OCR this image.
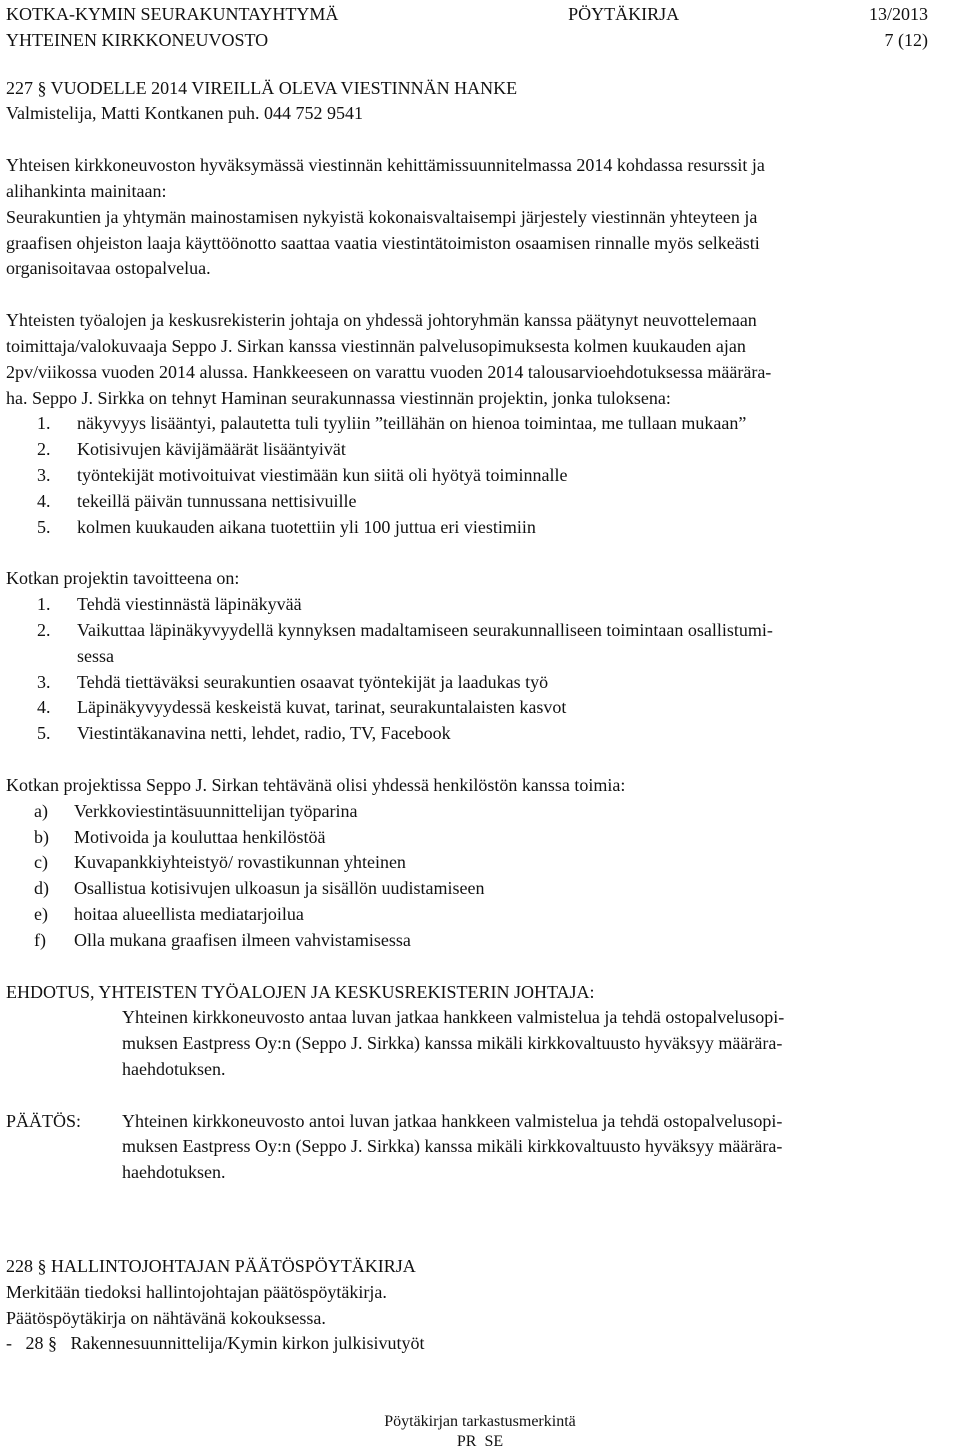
KOTKA-KYMIN SEURAKUNTAYHTYMÄ	PÖYTÄKIRJA	13/2013
YHTEINEN KIRKKONEUVOSTO	7 (12)
227 § VUODELLE 2014 VIREILLÄ OLEVA VIESTINNÄN HANKE
Valmistelija, Matti Kontkanen puh. 044 752 9541
Yhteisen kirkkoneuvoston hyväksymässä viestinnän kehittämissuunnitelmassa 2014 kohdassa resurssit ja
alihankinta mainitaan:
Seurakuntien ja yhtymän mainostamisen nykyistä kokonaisvaltaisempi järjestely viestinnän yhteyteen ja
graafisen ohjeiston laaja käyttöönotto saattaa vaatia viestintätoimiston osaamisen rinnalle myös selkeästi
organisoitavaa ostopalvelua.
Yhteisten työalojen ja keskusrekisterin johtaja on yhdessä johtoryhmän kanssa päätynyt neuvottelemaan
toimittaja/valokuvaaja Seppo J. Sirkan kanssa viestinnän palvelusopimuksesta kolmen kuukauden ajan
2pv/viikossa vuoden 2014 alussa. Hankkeeseen on varattu vuoden 2014 talousarvioehdotuksessa määrära-
ha. Seppo J. Sirkka on tehnyt Haminan seurakunnassa viestinnän projektin, jonka tuloksena:
1.	näkyvyys lisääntyi, palautetta tuli tyyliin ”teillähän on hienoa toimintaa, me tullaan mukaan”
2.	Kotisivujen kävijämäärät lisääntyivät
3.	työntekijät motivoituivat viestimään kun siitä oli hyötyä toiminnalle
4.	tekeillä päivän tunnussana nettisivuille
5.	kolmen kuukauden aikana tuotettiin yli 100 juttua eri viestimiin
Kotkan projektin tavoitteena on:
1.	Tehdä viestinnästä läpinäkyvää
2.	Vaikuttaa läpinäkyvyydellä kynnyksen madaltamiseen seurakunnalliseen toimintaan osallistumi-
sessa
3.	Tehdä tiettäväksi seurakuntien osaavat työntekijät ja laadukas työ
4.	Läpinäkyvyydessä keskeistä kuvat, tarinat, seurakuntalaisten kasvot
5.	Viestintäkanavina netti, lehdet, radio, TV, Facebook
Kotkan projektissa Seppo J. Sirkan tehtävänä olisi yhdessä henkilöstön kanssa toimia:
a)	Verkkoviestintäsuunnittelijan työparina
b)	Motivoida ja kouluttaa henkilöstöä
c)	Kuvapankkiyhteistyö/ rovastikunnan yhteinen
d)	Osallistua kotisivujen ulkoasun ja sisällön uudistamiseen
e)	hoitaa alueellista mediatarjoilua
f)	Olla mukana graafisen ilmeen vahvistamisessa
EHDOTUS, YHTEISTEN TYÖALOJEN JA KESKUSREKISTERIN JOHTAJA:
Yhteinen kirkkoneuvosto antaa luvan jatkaa hankkeen valmistelua ja tehdä ostopalvelusopi-
muksen Eastpress Oy:n (Seppo J. Sirkka) kanssa mikäli kirkkovaltuusto hyväksyy määrära-
haehdotuksen.
PÄÄTÖS:	Yhteinen kirkkoneuvosto antoi luvan jatkaa hankkeen valmistelua ja tehdä ostopalvelusopi-
muksen Eastpress Oy:n (Seppo J. Sirkka) kanssa mikäli kirkkovaltuusto hyväksyy määrära-
haehdotuksen.
228 § HALLINTOJOHTAJAN PÄÄTÖSPÖYTÄKIRJA
Merkitään tiedoksi hallintojohtajan päätöspöytäkirja.
Päätöspöytäkirja on nähtävänä kokouksessa.
-   28 §   Rakennesuunnittelija/Kymin kirkon julkisivutyöt
Pöytäkirjan tarkastusmerkintä
PR  SE
